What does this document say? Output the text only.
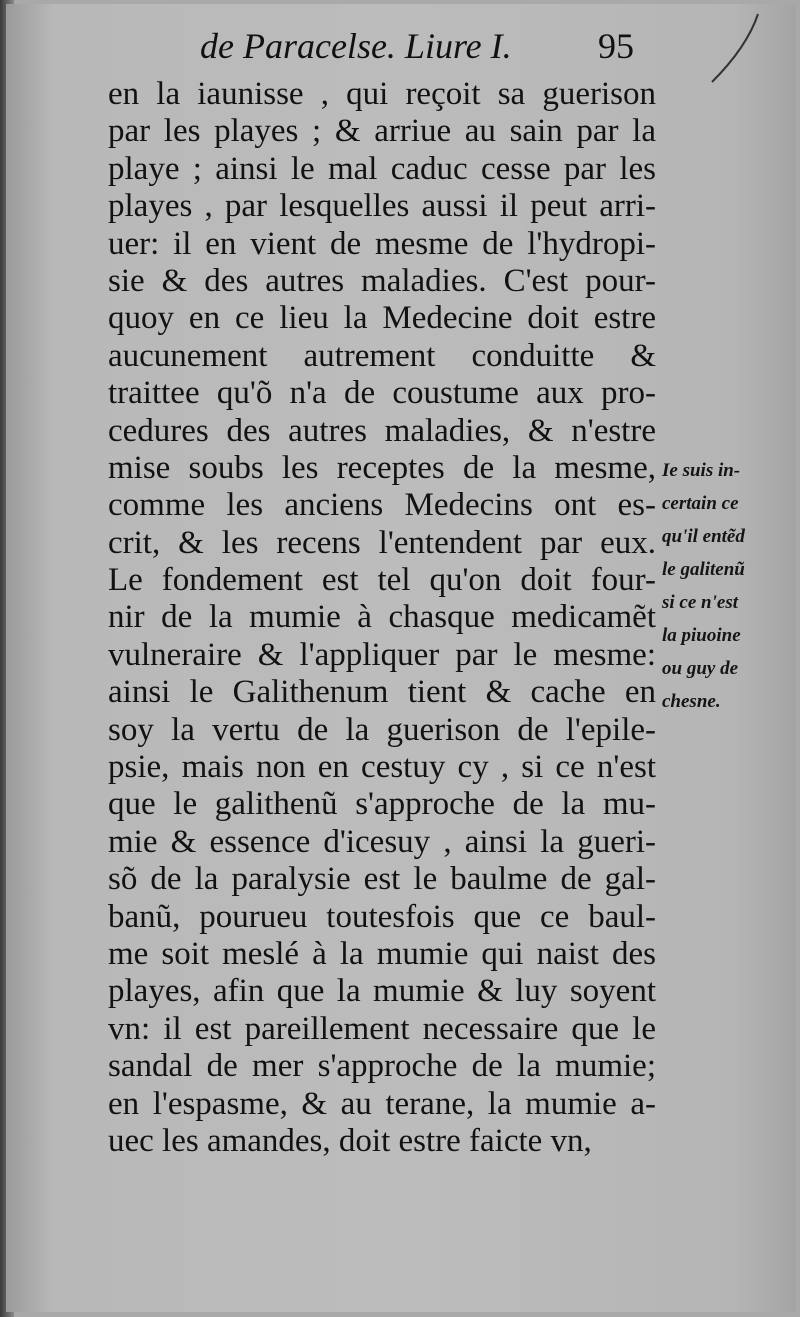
de Paracelse. Liure I.	95
en la iaunisse , qui reçoit sa guerison
par les playes ; & arriue au sain par la
playe ; ainsi le mal caduc cesse par les
playes , par lesquelles aussi il peut arri-
uer: il en vient de mesme de l'hydropi-
sie & des autres maladies. C'est pour-
quoy en ce lieu la Medecine doit estre
aucunement autrement conduitte &
traittee qu'õ n'a de coustume aux pro-
cedures des autres maladies, & n'estre
mise soubs les receptes de la mesme,
comme les anciens Medecins ont es-
crit, & les recens l'entendent par eux.
Le fondement est tel qu'on doit four-
nir de la mumie à chasque medicamẽt
vulneraire & l'appliquer par le mesme:
ainsi le Galithenum tient & cache en
soy la vertu de la guerison de l'epile-
psie, mais non en cestuy cy , si ce n'est
que le galithenũ s'approche de la mu-
mie & essence d'icesuy , ainsi la gueri-
sõ de la paralysie est le baulme de gal-
banũ, pourueu toutesfois que ce baul-
me soit meslé à la mumie qui naist des
playes, afin que la mumie & luy soyent
vn: il est pareillement necessaire que le
sandal de mer s'approche de la mumie;
en l'espasme, & au terane, la mumie a-
uec les amandes, doit estre faicte vn,
Ie suis in-
certain ce
qu'il entẽd
le galitenũ
si ce n'est
la piuoine
ou guy de
chesne.
